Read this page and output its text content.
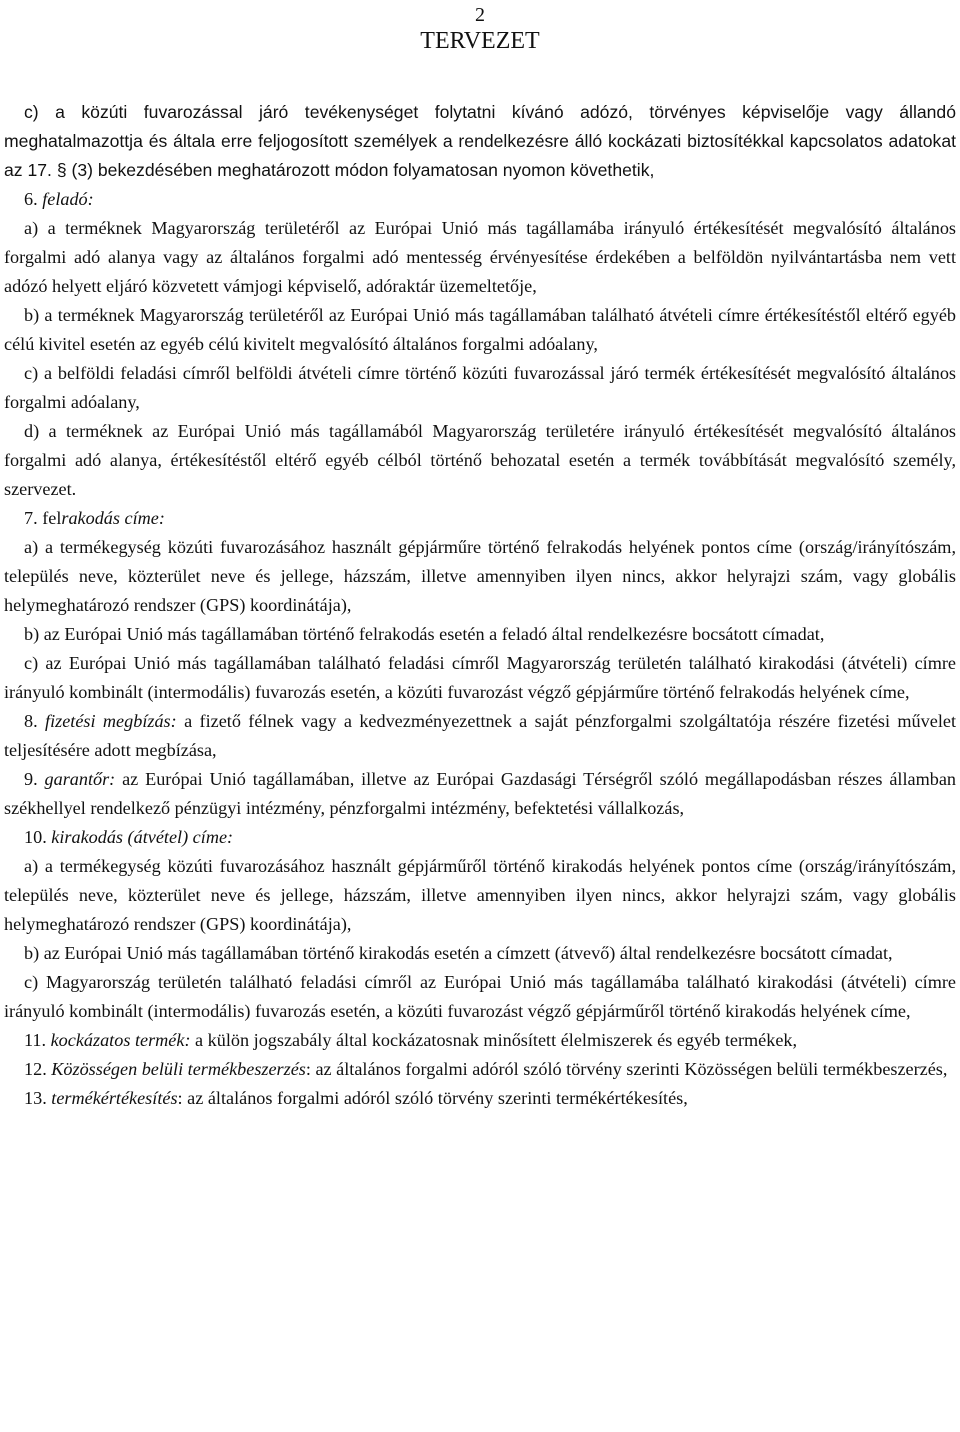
2
TERVEZET

c) a közúti fuvarozással járó tevékenységet folytatni kívánó adózó, törvényes képviselője vagy állandó meghatalmazottja és általa erre feljogosított személyek a rendelkezésre álló kockázati biztosítékkal kapcsolatos adatokat az 17. § (3) bekezdésében meghatározott módon folyamatosan nyomon követhetik,

6. feladó:

a) a terméknek Magyarország területéről az Európai Unió más tagállamába irányuló értékesítését megvalósító általános forgalmi adó alanya vagy az általános forgalmi adó mentesség érvényesítése érdekében a belföldön nyilvántartásba nem vett adózó helyett eljáró közvetett vámjogi képviselő, adóraktár üzemeltetője,

b) a terméknek Magyarország területéről az Európai Unió más tagállamában található átvételi címre értékesítéstől eltérő egyéb célú kivitel esetén az egyéb célú kivitelt megvalósító általános forgalmi adóalany,

c) a belföldi feladási címről belföldi átvételi címre történő közúti fuvarozással járó termék értékesítését megvalósító általános forgalmi adóalany,

d) a terméknek az Európai Unió más tagállamából Magyarország területére irányuló értékesítését megvalósító általános forgalmi adó alanya, értékesítéstől eltérő egyéb célból történő behozatal esetén a termék továbbítását megvalósító személy, szervezet.

7. felrakodás címe:

a) a termékegység közúti fuvarozásához használt gépjárműre történő felrakodás helyének pontos címe (ország/irányítószám, település neve, közterület neve és jellege, házszám, illetve amennyiben ilyen nincs, akkor helyrajzi szám, vagy globális helymeghatározó rendszer (GPS) koordinátája),

b) az Európai Unió más tagállamában történő felrakodás esetén a feladó által rendelkezésre bocsátott címadat,

c) az Európai Unió más tagállamában található feladási címről Magyarország területén található kirakodási (átvételi) címre irányuló kombinált (intermodális) fuvarozás esetén, a közúti fuvarozást végző gépjárműre történő felrakodás helyének címe,

8. fizetési megbízás: a fizető félnek vagy a kedvezményezettnek a saját pénzforgalmi szolgáltatója részére fizetési művelet teljesítésére adott megbízása,

9. garantőr: az Európai Unió tagállamában, illetve az Európai Gazdasági Térségről szóló megállapodásban részes államban székhellyel rendelkező pénzügyi intézmény, pénzforgalmi intézmény, befektetési vállalkozás,

10. kirakodás (átvétel) címe:

a) a termékegység közúti fuvarozásához használt gépjárműről történő kirakodás helyének pontos címe (ország/irányítószám, település neve, közterület neve és jellege, házszám, illetve amennyiben ilyen nincs, akkor helyrajzi szám, vagy globális helymeghatározó rendszer (GPS) koordinátája),

b) az Európai Unió más tagállamában történő kirakodás esetén a címzett (átvevő) által rendelkezésre bocsátott címadat,

c) Magyarország területén található feladási címről az Európai Unió más tagállamába található kirakodási (átvételi) címre irányuló kombinált (intermodális) fuvarozás esetén, a közúti fuvarozást végző gépjárműről történő kirakodás helyének címe,

11. kockázatos termék: a külön jogszabály által kockázatosnak minősített élelmiszerek és egyéb termékek,

12. Közösségen belüli termékbeszerzés: az általános forgalmi adóról szóló törvény szerinti Közösségen belüli termékbeszerzés,

13. termékértékesítés: az általános forgalmi adóról szóló törvény szerinti termékértékesítés,
